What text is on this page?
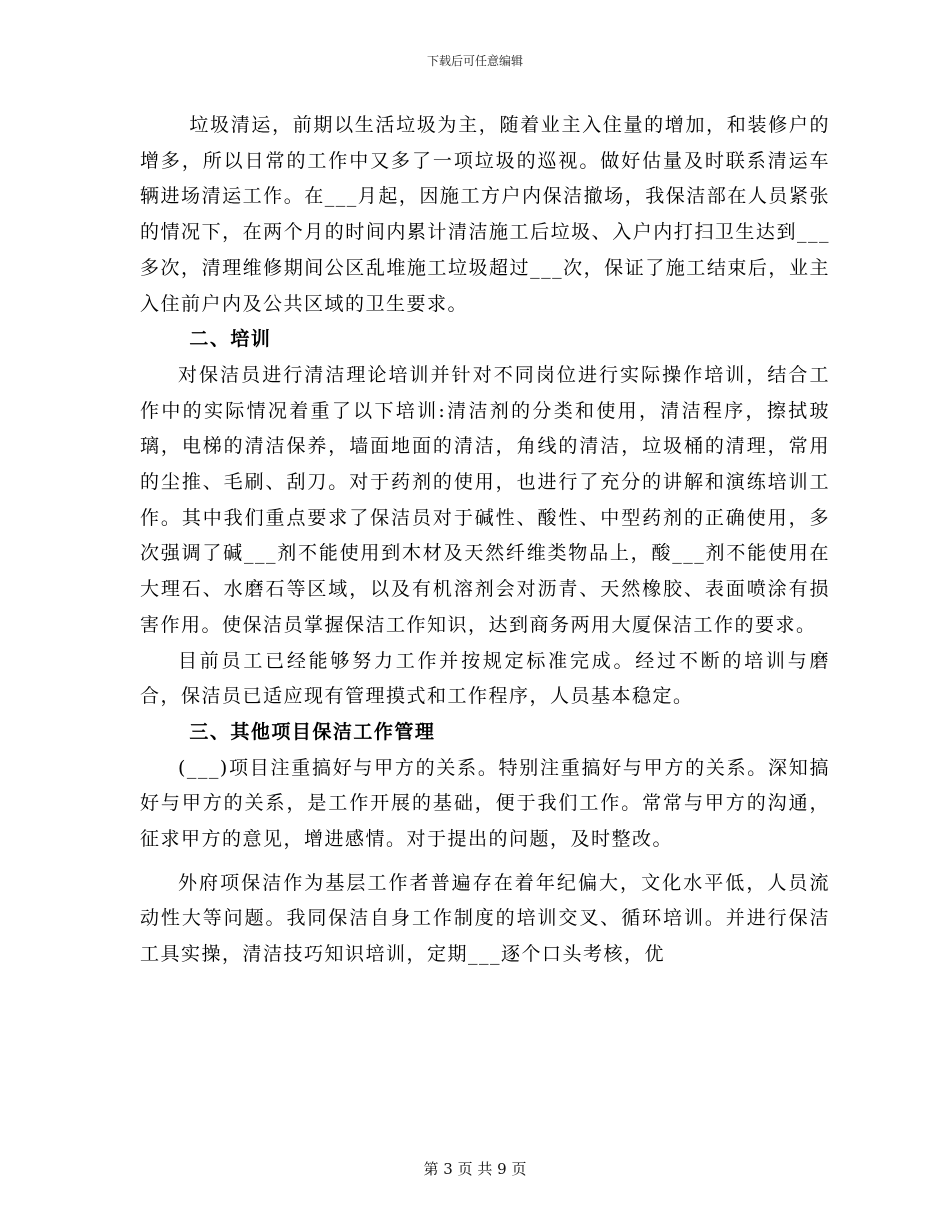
下载后可任意编辑

垃圾清运，前期以生活垃圾为主，随着业主入住量的增加，和装修户的增多，所以日常的工作中又多了一项垃圾的巡视。做好估量及时联系清运车辆进场清运工作。在___月起，因施工方户内保洁撤场，我保洁部在人员紧张的情况下，在两个月的时间内累计清洁施工后垃圾、入户内打扫卫生达到___多次，清理维修期间公区乱堆施工垃圾超过___次，保证了施工结束后，业主入住前户内及公共区域的卫生要求。

二、培训

对保洁员进行清洁理论培训并针对不同岗位进行实际操作培训，结合工作中的实际情况着重了以下培训:清洁剂的分类和使用，清洁程序，擦拭玻璃，电梯的清洁保养，墙面地面的清洁，角线的清洁，垃圾桶的清理，常用的尘推、毛刷、刮刀。对于药剂的使用，也进行了充分的讲解和演练培训工作。其中我们重点要求了保洁员对于碱性、酸性、中型药剂的正确使用，多次强调了碱___剂不能使用到木材及天然纤维类物品上，酸___剂不能使用在大理石、水磨石等区域，以及有机溶剂会对沥青、天然橡胶、表面喷涂有损害作用。使保洁员掌握保洁工作知识，达到商务两用大厦保洁工作的要求。

目前员工已经能够努力工作并按规定标准完成。经过不断的培训与磨合，保洁员已适应现有管理摸式和工作程序，人员基本稳定。

三、其他项目保洁工作管理

(___)项目注重搞好与甲方的关系。特别注重搞好与甲方的关系。深知搞好与甲方的关系，是工作开展的基础，便于我们工作。常常与甲方的沟通，征求甲方的意见，增进感情。对于提出的问题，及时整改。

外府项保洁作为基层工作者普遍存在着年纪偏大，文化水平低，人员流动性大等问题。我同保洁自身工作制度的培训交叉、循环培训。并进行保洁工具实操，清洁技巧知识培训，定期___逐个口头考核，优

第 3 页 共 9 页
